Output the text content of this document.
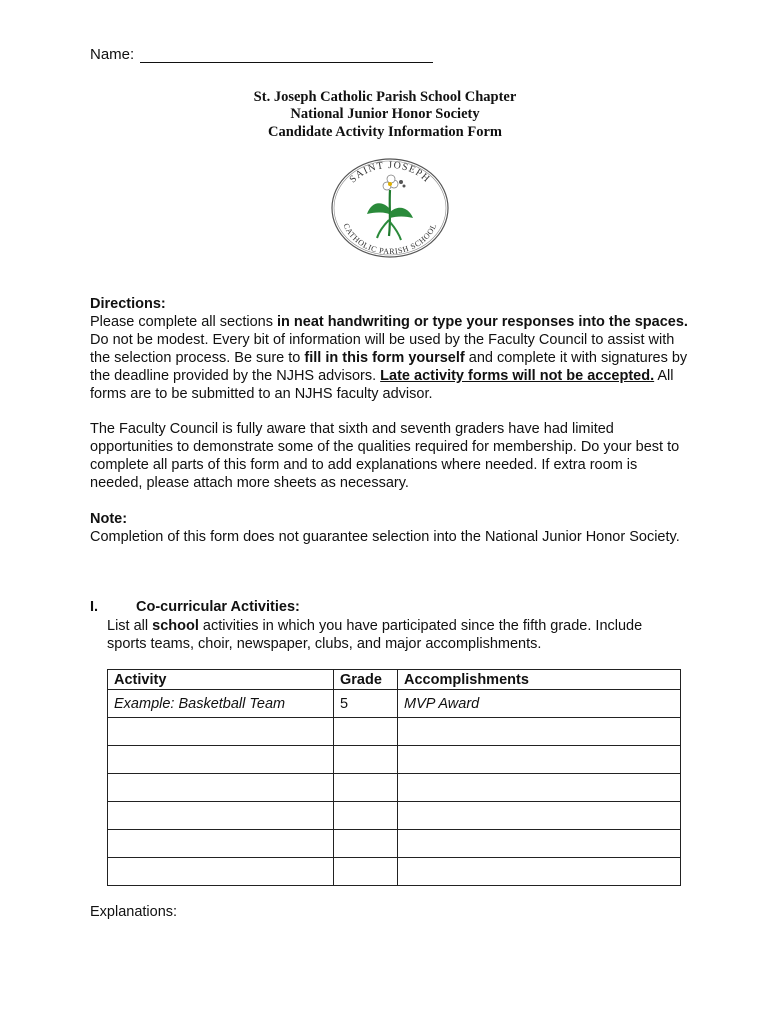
Name:
St. Joseph Catholic Parish School Chapter
National Junior Honor Society
Candidate Activity Information Form
SAINT JOSEPH
CATHOLIC PARISH SCHOOL
Directions:
Please complete all sections in neat handwriting or type your responses into the spaces. Do not be modest. Every bit of information will be used by the Faculty Council to assist with the selection process. Be sure to fill in this form yourself and complete it with signatures by the deadline provided by the NJHS advisors. Late activity forms will not be accepted. All forms are to be submitted to an NJHS faculty advisor.
The Faculty Council is fully aware that sixth and seventh graders have had limited opportunities to demonstrate some of the qualities required for membership. Do your best to complete all parts of this form and to add explanations where needed. If extra room is needed, please attach more sheets as necessary.
Note:
Completion of this form does not guarantee selection into the National Junior Honor Society.
I.	Co-curricular Activities:
List all school activities in which you have participated since the fifth grade. Include sports teams, choir, newspaper, clubs, and major accomplishments.
Activity	Grade	Accomplishments
Example: Basketball Team	5	MVP Award

Explanations:
